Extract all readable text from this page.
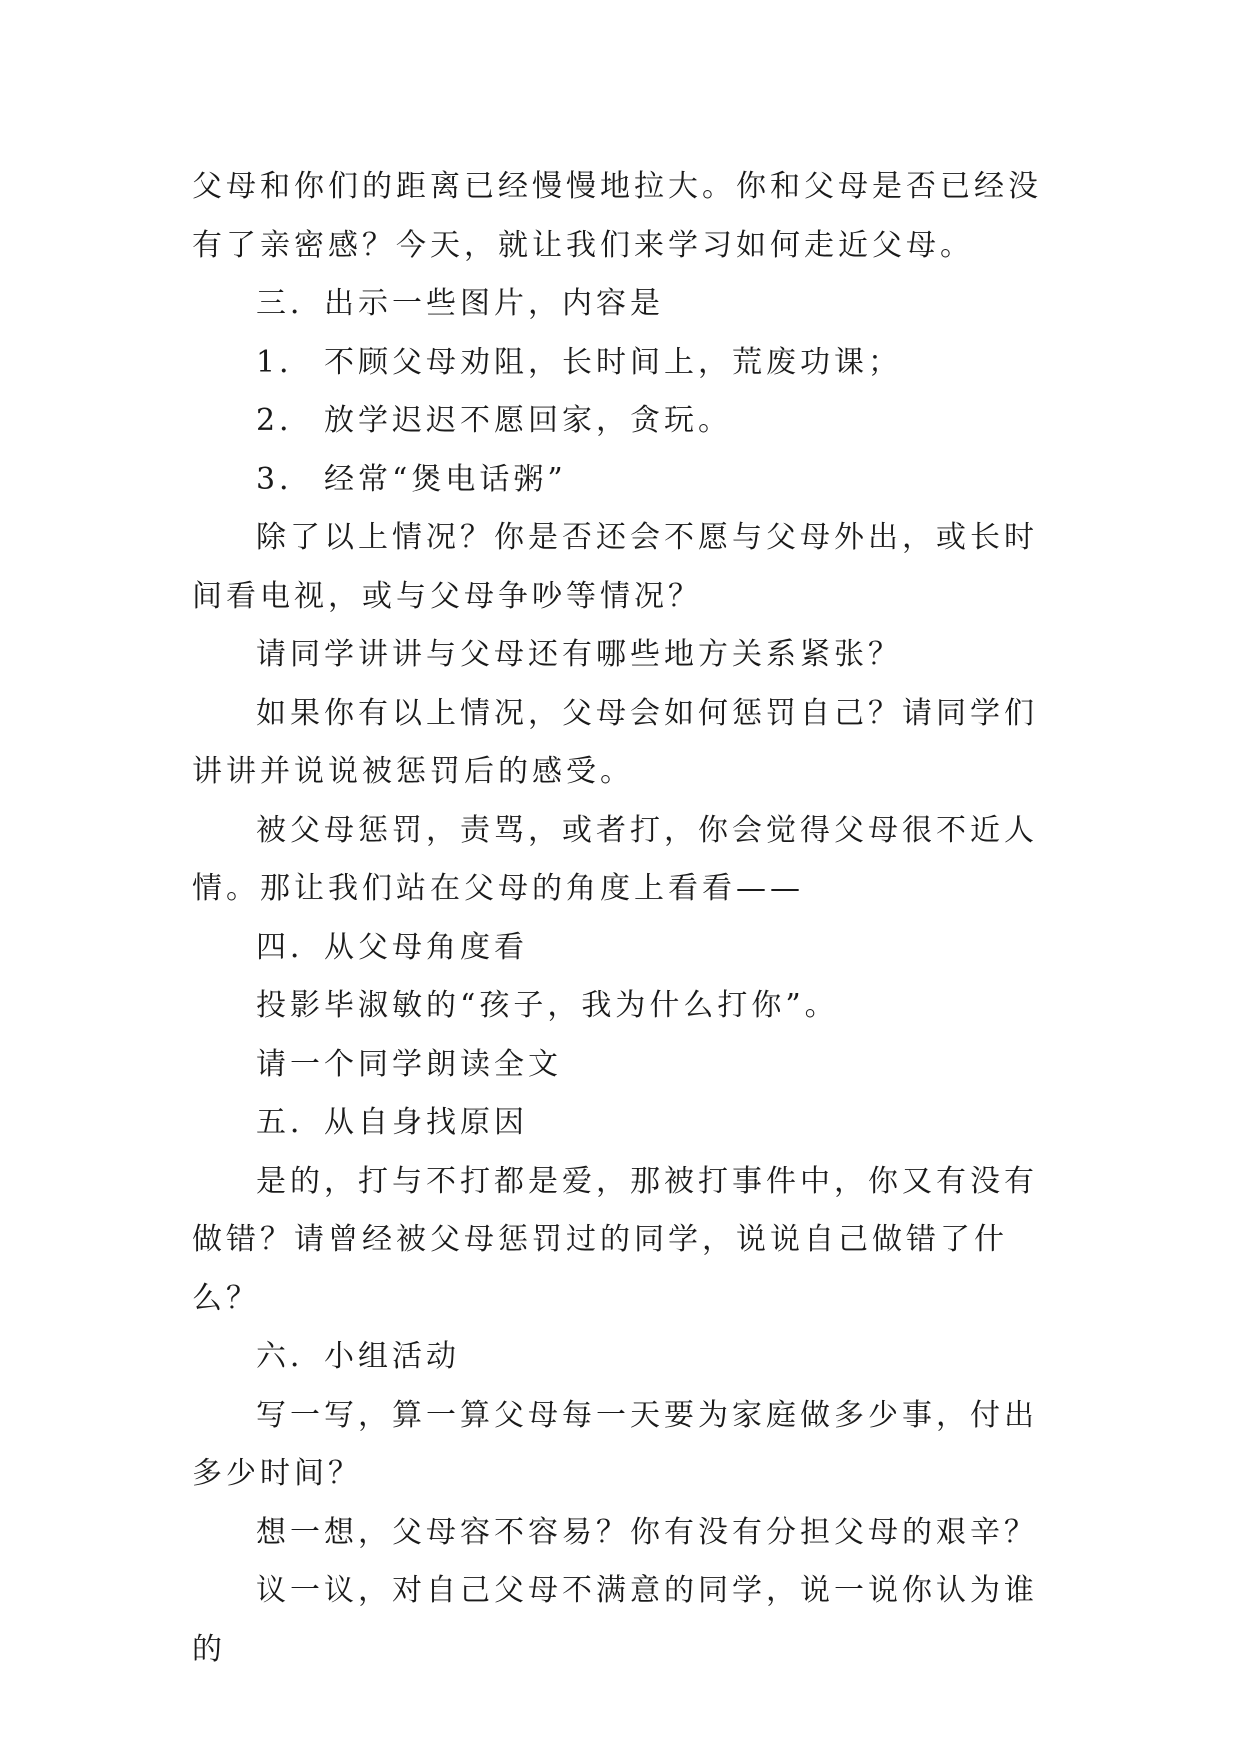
父母和你们的距离已经慢慢地拉大。你和父母是否已经没有了亲密感？今天，就让我们来学习如何走近父母。

三．出示一些图片，内容是

1． 不顾父母劝阻，长时间上，荒废功课；

2． 放学迟迟不愿回家，贪玩。

3． 经常“煲电话粥”

除了以上情况？你是否还会不愿与父母外出，或长时间看电视，或与父母争吵等情况？

请同学讲讲与父母还有哪些地方关系紧张？

如果你有以上情况，父母会如何惩罚自己？请同学们讲讲并说说被惩罚后的感受。

被父母惩罚，责骂，或者打，你会觉得父母很不近人情。那让我们站在父母的角度上看看——

四．从父母角度看

投影毕淑敏的“孩子，我为什么打你”。

请一个同学朗读全文

五．从自身找原因

是的，打与不打都是爱，那被打事件中，你又有没有做错？请曾经被父母惩罚过的同学，说说自己做错了什么？

六．小组活动

写一写，算一算父母每一天要为家庭做多少事，付出多少时间？

想一想，父母容不容易？你有没有分担父母的艰辛？

议一议，对自己父母不满意的同学，说一说你认为谁的
